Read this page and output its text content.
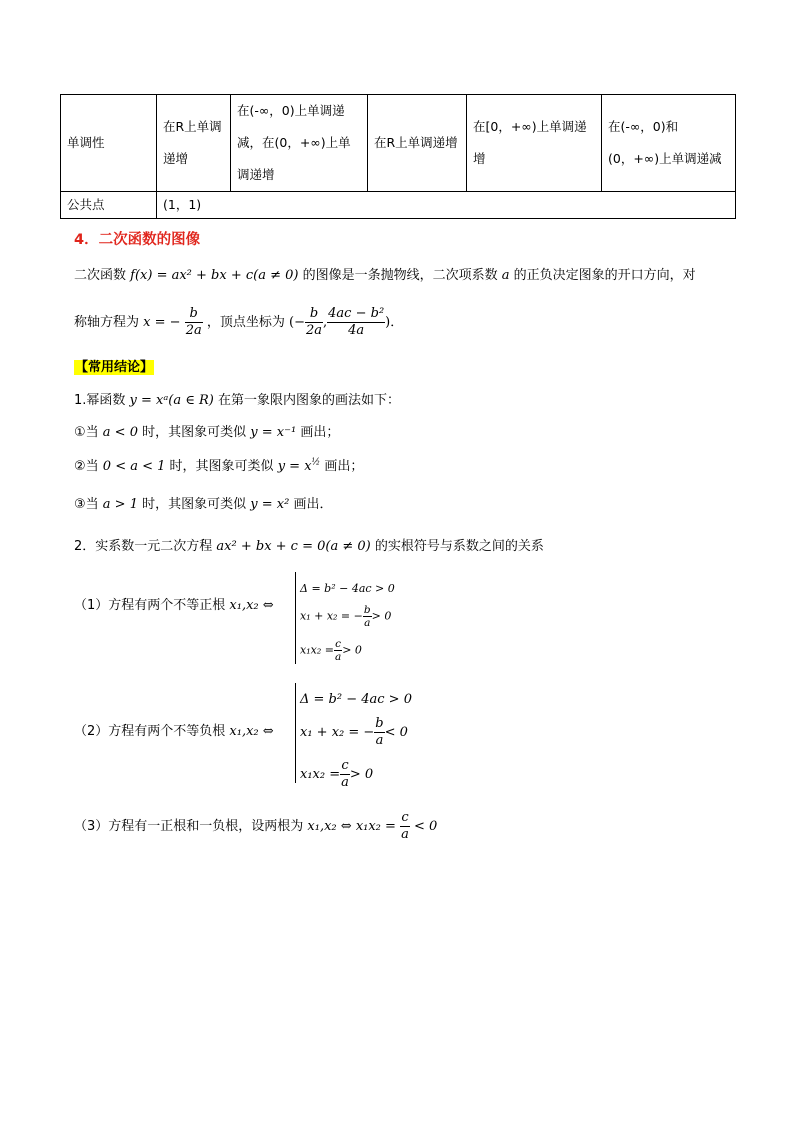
单调性	在R上单调递增	在(-∞，0)上单调递减，在(0，+∞)上单调递增	在R上单调递增	在[0，+∞)上单调递增	在(-∞，0)和(0，+∞)上单调递减
公共点	(1，1)				
4．二次函数的图像
二次函数 f(x) = ax² + bx + c(a ≠ 0) 的图像是一条抛物线，二次项系数 a 的正负决定图象的开口方向，对
称轴方程为 x = − $\frac{b}{2a}$ ，顶点坐标为 (− $\frac{b}{2a}$ , $\frac{\text{4ac − b²}}{4a}$ )．
【常用结论】
1.幂函数 y = xᵃ(a ∈ R) 在第一象限内图象的画法如下：
①当 a < 0 时，其图象可类似 y = x⁻¹ 画出；
②当 0 < a < 1 时，其图象可类似 $y = x^{\frac{1}{2}}$ 画出；
③当 a > 1 时，其图象可类似 y = x² 画出．
2．实系数一元二次方程 ax² + bx + c = 0(a ≠ 0) 的实根符号与系数之间的关系
（1）方程有两个不等正根 x₁,x₂ ⇔
Δ = b² − 4ac > 0
x₁ + x₂ = − $\frac{b}{a} > 0$
$x_1x_2 = \frac{c}{a} > 0$
（2）方程有两个不等负根 x₁,x₂ ⇔
Δ = b² − 4ac > 0
x₁ + x₂ = − $\frac{b}{a} < 0$
$x_1x_2 = \frac{c}{a} > 0$
（3）方程有一正根和一负根，设两根为 x₁,x₂ ⇔ $x_1x_2 = \frac{c}{a} < 0$
